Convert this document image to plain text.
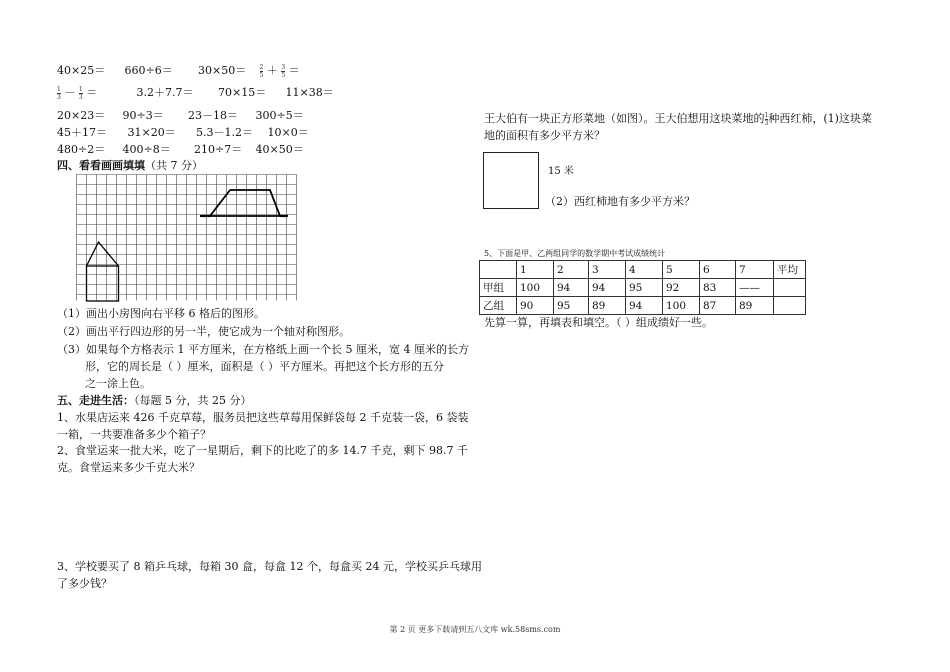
$40\times 25= 660\div 6= 30\times 50= \frac{2}{5} + \frac{3}{5}$ ＝
$\frac{1}{3} - \frac{1}{3}$ ＝	3.2＋7.7＝ 70×15＝ 11×38＝
20×23＝ 90÷3＝ 23－18＝ 300÷5＝
45＋17＝ 31×20＝ 5.3－1.2＝ 10×0＝
480÷2＝ 400÷8＝ 210÷7＝ 40×50＝
四、看看画画填填（共 7 分）
（1）画出小房图向右平移 6 格后的图形。
（2）画出平行四边形的另一半，使它成为一个轴对称图形。
（3）如果每个方格表示 1 平方厘米，在方格纸上画一个长 5 厘米，宽 4 厘米的长方
形，它的周长是（ ）厘米，面积是（ ）平方厘米。再把这个长方形的五分
之一涂上色。
五、走进生活：（每题 5 分，共 25 分）
1、水果店运来 426 千克草莓，服务员把这些草莓用保鲜袋每 2 千克装一袋，6 袋装
一箱，一共要准备多少个箱子？
2、食堂运来一批大米，吃了一星期后，剩下的比吃了的多 14.7 千克，剩下 98.7 千
克。食堂运来多少千克大米？
3、学校要买了 8 箱乒乓球，每箱 30 盒，每盒 12 个，每盒买 24 元，学校买乒乓球用
了多少钱？
王大伯有一块正方形菜地（如图）。王大伯想用这块菜地的 $\frac{1}{3}$ 种西红柿，(1)这块菜
地的面积有多少平方米？
15 米
（2）西红柿地有多少平方米？
5、下面是甲、乙两组同学的数学期中考试成绩统计
	1	2	3	4	5	6	7	平均
甲组	100	94	94	95	92	83	——	
乙组	90	95	89	94	100	87	89	
先算一算，再填表和填空。（ ）组成绩好一些。
第 2 页 更多下载请到五八文库 wk.58sms.com
